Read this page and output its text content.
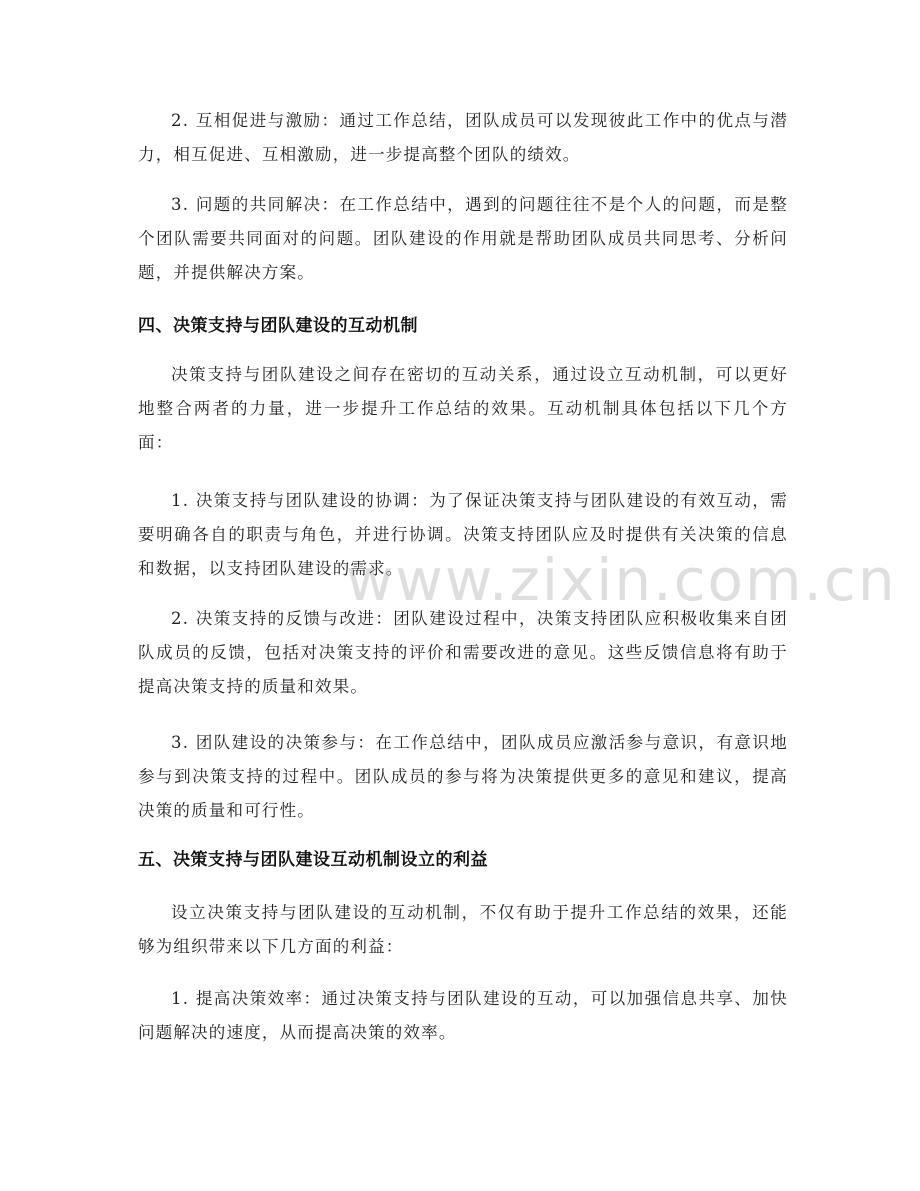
2. 互相促进与激励：通过工作总结，团队成员可以发现彼此工作中的优点与潜力，相互促进、互相激励，进一步提高整个团队的绩效。

3. 问题的共同解决：在工作总结中，遇到的问题往往不是个人的问题，而是整个团队需要共同面对的问题。团队建设的作用就是帮助团队成员共同思考、分析问题，并提供解决方案。

四、决策支持与团队建设的互动机制

决策支持与团队建设之间存在密切的互动关系，通过设立互动机制，可以更好地整合两者的力量，进一步提升工作总结的效果。互动机制具体包括以下几个方面：

1. 决策支持与团队建设的协调：为了保证决策支持与团队建设的有效互动，需要明确各自的职责与角色，并进行协调。决策支持团队应及时提供有关决策的信息和数据，以支持团队建设的需求。

2. 决策支持的反馈与改进：团队建设过程中，决策支持团队应积极收集来自团队成员的反馈，包括对决策支持的评价和需要改进的意见。这些反馈信息将有助于提高决策支持的质量和效果。

3. 团队建设的决策参与：在工作总结中，团队成员应激活参与意识，有意识地参与到决策支持的过程中。团队成员的参与将为决策提供更多的意见和建议，提高决策的质量和可行性。

五、决策支持与团队建设互动机制设立的利益

设立决策支持与团队建设的互动机制，不仅有助于提升工作总结的效果，还能够为组织带来以下几方面的利益：

1. 提高决策效率：通过决策支持与团队建设的互动，可以加强信息共享、加快问题解决的速度，从而提高决策的效率。

www.zixin.com.cn
